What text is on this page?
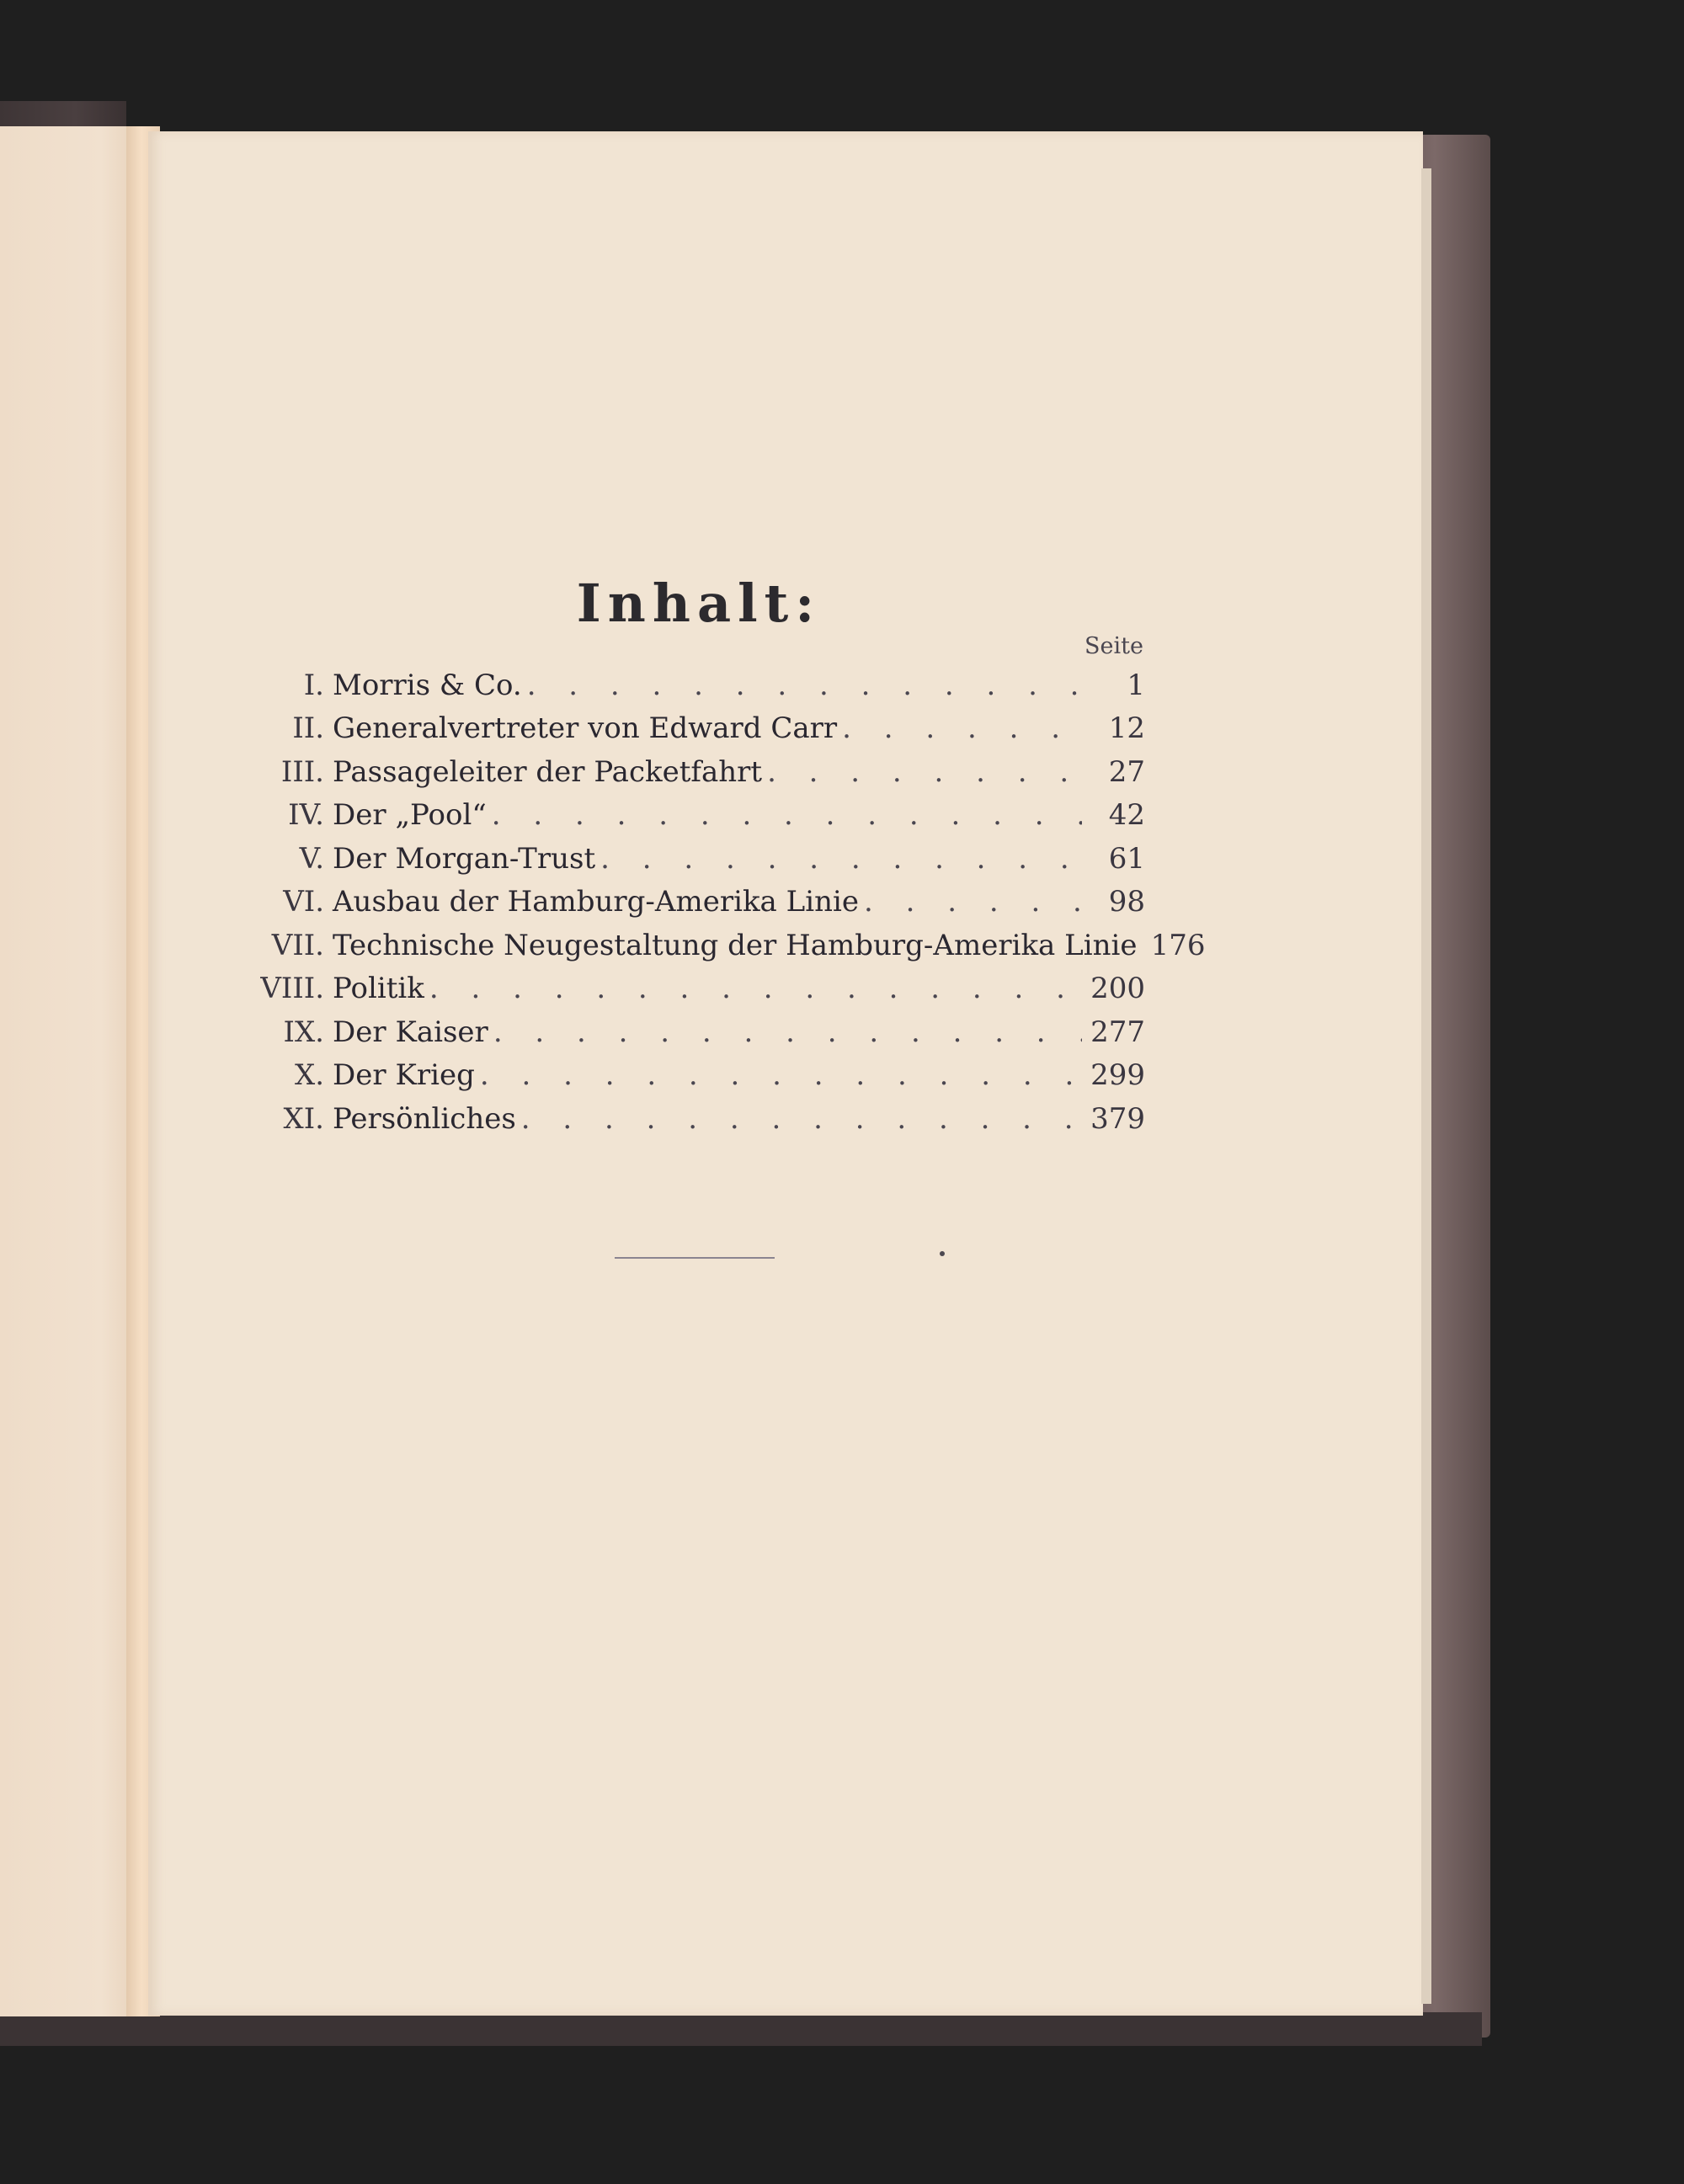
Inhalt:
Seite
I. Morris & Co. . . .	1
II. Generalvertreter von Edward Carr . . .	12
III. Passageleiter der Packetfahrt . . .	27
IV. Der „Pool“ . . .	42
V. Der Morgan-Trust . . .	61
VI. Ausbau der Hamburg-Amerika Linie . . .	98
VII. Technische Neugestaltung der Hamburg-Amerika Linie 176
VIII. Politik . . .	200
IX. Der Kaiser . . .	277
X. Der Krieg . . .	299
XI. Persönliches . . .	379
